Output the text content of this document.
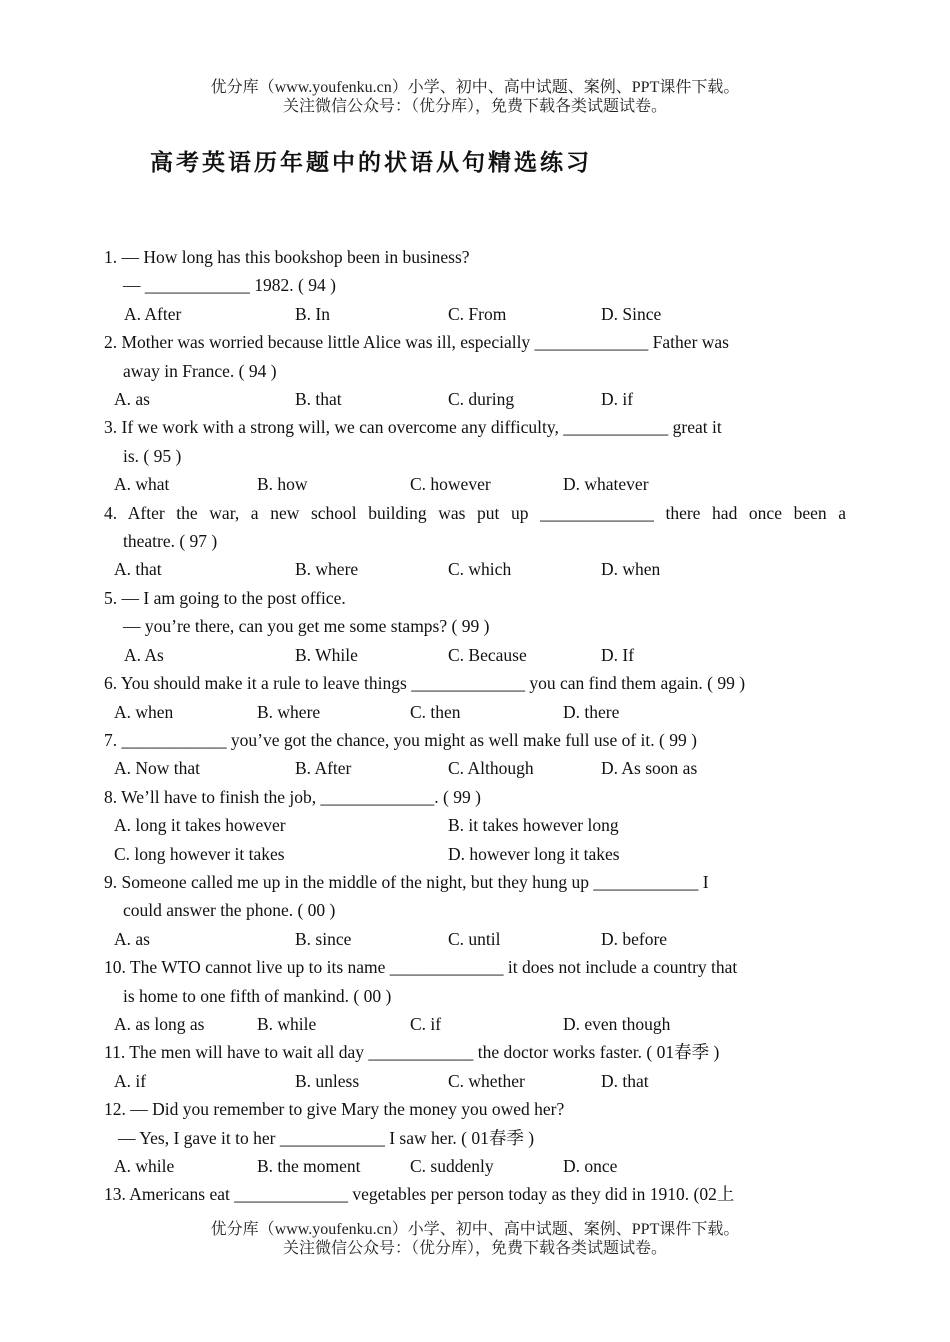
优分库（www.youfenku.cn）小学、初中、高中试题、案例、PPT课件下载。
关注微信公众号：（优分库），免费下载各类试题试卷。
高考英语历年题中的状语从句精选练习
1. — How long has this bookshop been in business?
— ____________ 1982. ( 94 )
A. After	B. In	C. From	D. Since
2. Mother was worried because little Alice was ill, especially _____________ Father was
away in France. ( 94 )
A. as	B. that	C. during	D. if
3. If we work with a strong will, we can overcome any difficulty, ____________ great it
is. ( 95 )
A. what	B. how	C. however	D. whatever
4. After the war, a new school building was put up _____________ there had once been a
theatre. ( 97 )
A. that	B. where	C. which	D. when
5. — I am going to the post office.
— you’re there, can you get me some stamps? ( 99 )
A. As	B. While	C. Because	D. If
6. You should make it a rule to leave things _____________ you can find them again. ( 99 )
A. when	B. where	C. then	D. there
7. ____________ you’ve got the chance, you might as well make full use of it. ( 99 )
A. Now that	B. After	C. Although	D. As soon as
8. We’ll have to finish the job, _____________. ( 99 )
A. long it takes however	B. it takes however long
C. long however it takes	D. however long it takes
9. Someone called me up in the middle of the night, but they hung up ____________ I
could answer the phone. ( 00 )
A. as	B. since	C. until	D. before
10. The WTO cannot live up to its name _____________ it does not include a country that
is home to one fifth of mankind. ( 00 )
A. as long as	B. while	C. if	D. even though
11. The men will have to wait all day ____________ the doctor works faster. ( 01春季 )
A. if	B. unless	C. whether	D. that
12. — Did you remember to give Mary the money you owed her?
— Yes, I gave it to her ____________ I saw her. ( 01春季 )
A. while	B. the moment	C. suddenly	D. once
13. Americans eat _____________ vegetables per person today as they did in 1910. (02上
优分库（www.youfenku.cn）小学、初中、高中试题、案例、PPT课件下载。
关注微信公众号：（优分库），免费下载各类试题试卷。
